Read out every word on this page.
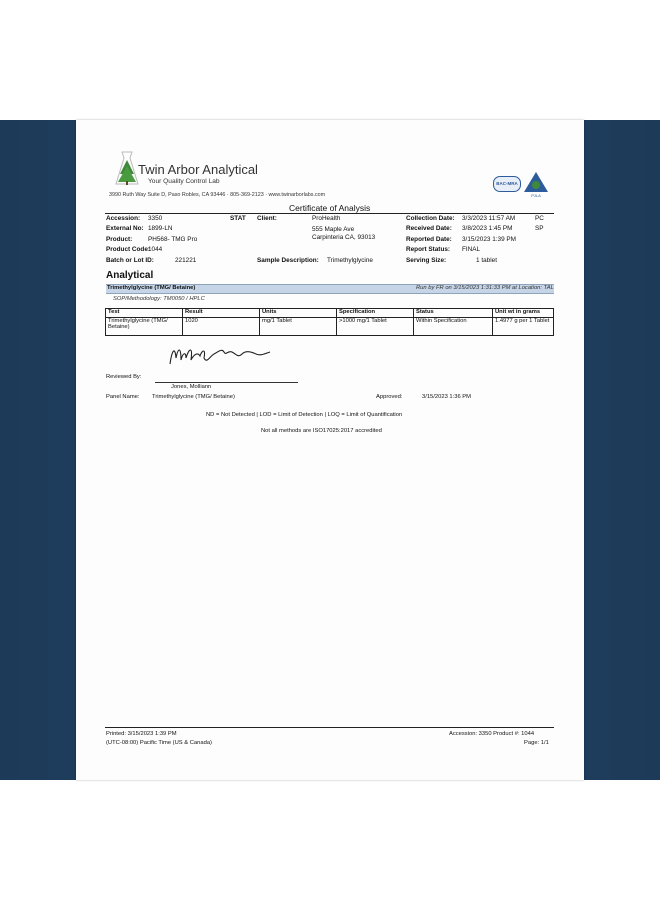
Twin Arbor Analytical
Your Quality Control Lab
3990 Ruth Way Suite D, Paso Robles, CA 93446 · 805-369-2123 · www.twinarborlabs.com
BAC-MRA
PJLA
Certificate of Analysis
Accession: 3350	STAT
External No: 1899-LN
Product: PH568- TMG Pro
Product Code:
1044
Batch or Lot ID:	221221
Client:	ProHealth
555 Maple Ave
Carpinteria CA, 93013
Sample Description: Trimethylglycine
Collection Date: 3/3/2023 11:57 AM	PC
Received Date: 3/8/2023 1:45 PM	SP
Reported Date: 3/15/2023 1:39 PM
Report Status: FINAL
Serving Size:	1 tablet
Analytical
Trimethylglycine (TMG/ Betaine)	Run by FR on 3/15/2023 1:31:33 PM at Location: TAL
SOP/Methodology: TM0050 / HPLC
Test	Result	Units	Specification	Status	Unit wt in grams
Trimethylglycine (TMG/ Betaine)	1020	mg/1 Tablet	>1000 mg/1 Tablet	Within Specification	1.4977 g per 1 Tablet
Reviewed By:
Jones, Molliann
Panel Name: Trimethylglycine (TMG/ Betaine)	Approved:	3/15/2023 1:36 PM
ND = Not Detected | LOD = Limit of Detection | LOQ = Limit of Quantification
Not all methods are ISO17025:2017 accredited
Printed: 3/15/2023 1:39 PM
(UTC-08:00) Pacific Time (US & Canada)
Accession: 3350 Product #: 1044
Page: 1/1
